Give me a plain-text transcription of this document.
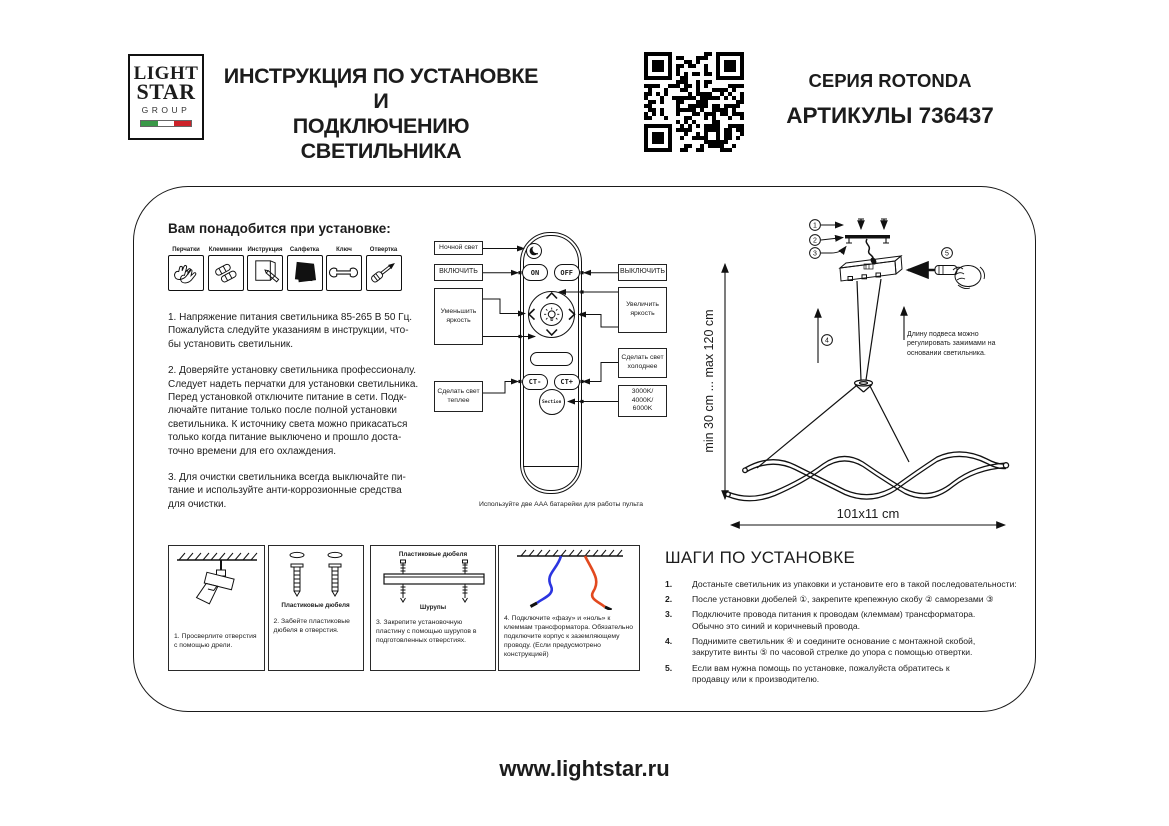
LIGHT
STAR
GROUP
ИНСТРУКЦИЯ ПО УСТАНОВКЕ И
ПОДКЛЮЧЕНИЮ СВЕТИЛЬНИКА
СЕРИЯ ROTONDA
АРТИКУЛЫ 736437
Вам понадобится при установке:
Перчатки	Клеммники Инструкция	Салфетка	Ключ	Отвертка

1. Напряжение питания светильника 85-265 В 50 Гц. Пожалуйста следуйте указаниям в инструкции, что-бы установить светильник.

2. Доверяйте установку светильника профессионалу. Следует надеть перчатки для установки светильника. Перед установкой отключите питание в сети. Подк-лючайте питание только после полной установки светильника. К источнику света можно прикасаться только когда питание выключено и прошло доста-точно времени для его охлаждения.

3. Для очистки светильника всегда выключайте пи-тание и используйте анти-коррозионные средства для очистки.

ON	OFF
CT-	CT+
Section
Ночной свет
ВКЛЮЧИТЬ
Уменьшить яркость
Сделать свет теплее
ВЫКЛЮЧИТЬ
Увеличить яркость
Сделать свет холоднее
3000K/
4000K/
6000K
Используйте две ААА батарейки для работы пульта
1
2
3
4
5
min 30 cm ... max 120 cm
101x11 cm
Длину подвеса можно регулировать зажимами на основании светильника.
1. Просверлите отверстия с помощью дрели.
Пластиковые дюбеля
2. Забейте пластиковые дюбеля в отверстия.
Пластиковые дюбеля
Шурупы
3. Закрепите установочную пластину с помощью шурупов в подготовленных отверстиях.
4. Подключите «фазу» и «ноль» к клеммам трансформатора. Обязательно подключите корпус к заземляющему проводу. (Если предусмотрено конструкцией)
ШАГИ ПО УСТАНОВКЕ
1.	Достаньте светильник из упаковки и установите его в такой последовательности:
2.	После установки дюбелей ①, закрепите крепежную скобу ② саморезами ③
3.	Подключите провода питания к проводам (клеммам) трансформатора. Обычно это синий и коричневый провода.
4.	Поднимите светильник ④ и соедините основание с монтажной скобой, закрутите винты ⑤ по часовой стрелке до упора с помощью отвертки.
5.	Если вам нужна помощь по установке, пожалуйста обратитесь к продавцу или к производителю.
www.lightstar.ru
